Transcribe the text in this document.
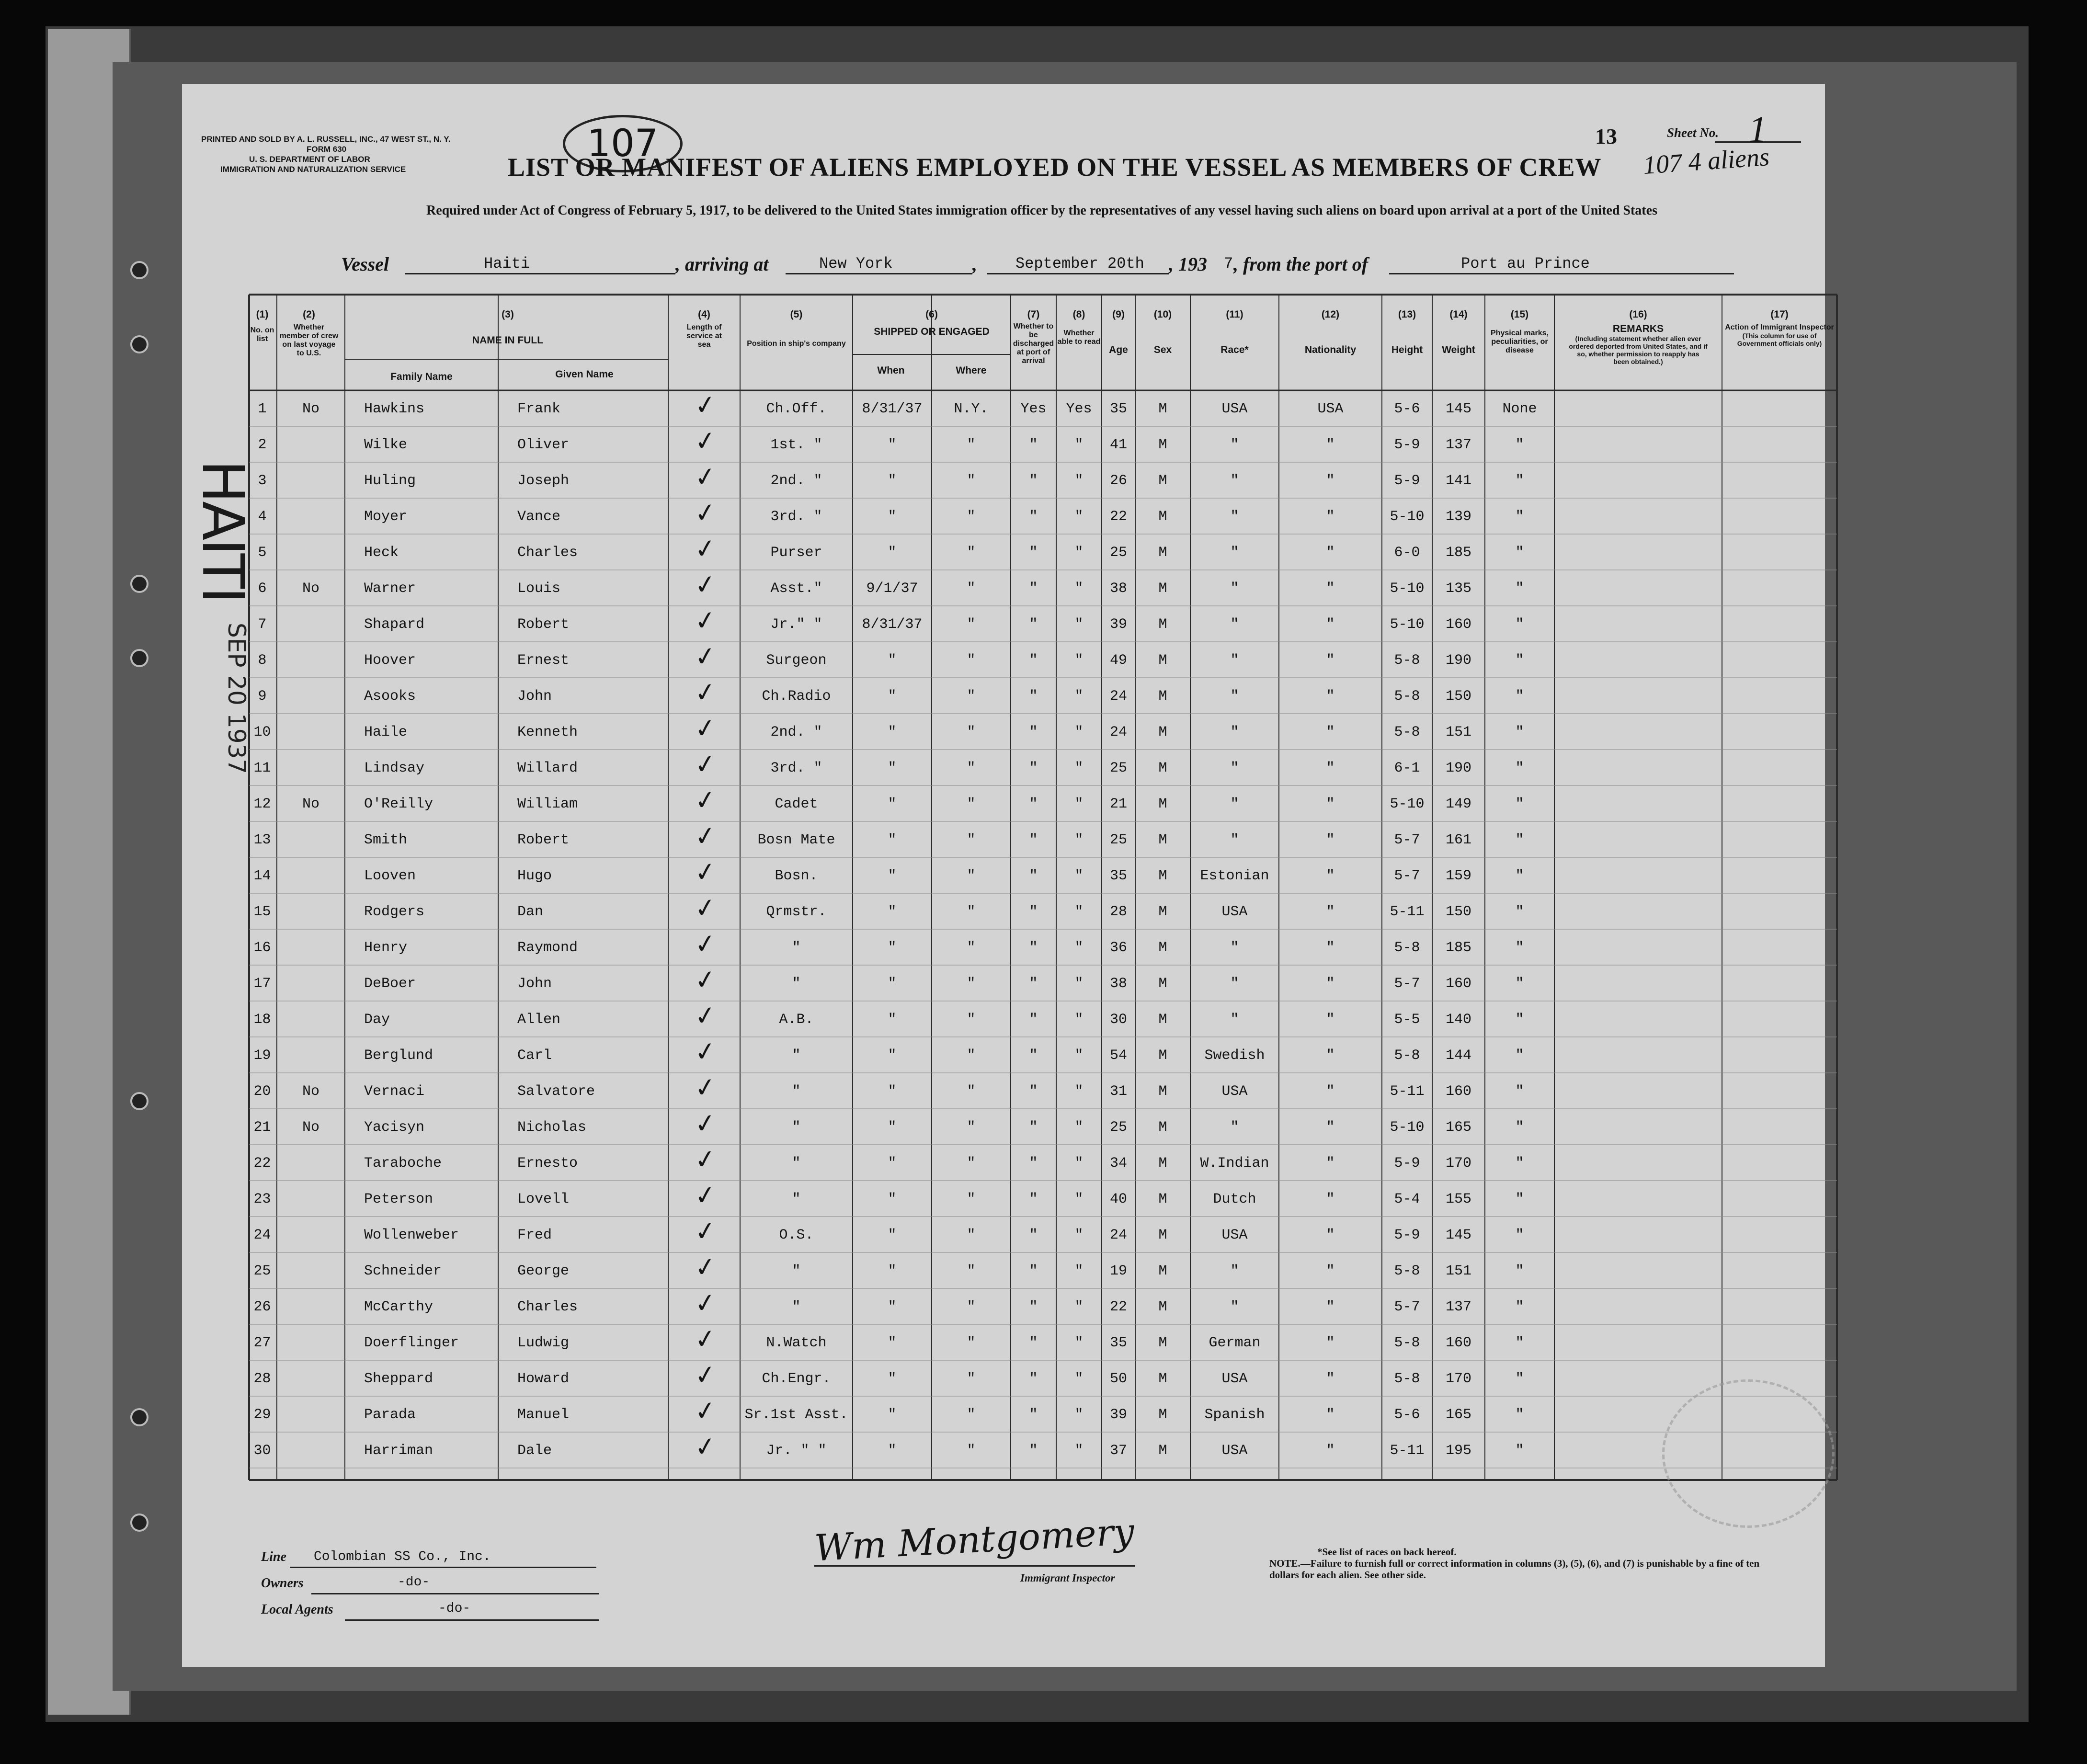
PRINTED AND SOLD BY A. L. RUSSELL, INC., 47 WEST ST., N. Y.
FORM 630
U. S. DEPARTMENT OF LABOR
IMMIGRATION AND NATURALIZATION SERVICE
107	13	Sheet No. 1
107 4 aliens
LIST OR MANIFEST OF ALIENS EMPLOYED ON THE VESSEL AS MEMBERS OF CREW
Required under Act of Congress of February 5, 1917, to be delivered to the United States immigration officer by the representatives of any vessel having such aliens on board upon arrival at a port of the United States
Vessel	Haiti	, arriving at	New York	,	September 20th , 193 7 , from the port of	Port au Prince
(1)
No. on list
(2)
Whether member of crew on last voyage to U.S.
(3)
NAME IN FULL
Family Name	Given Name
(4)
Length of service at sea
(5)
Position in ship's company
(6)
SHIPPED OR ENGAGED
When	Where
(7)
Whether to be discharged at port of arrival
(8)
Whether able to read
(9)
Age
(10)
Sex
(11)
Race*
(12)
Nationality
(13)
Height
(14)
Weight
(15)
Physical marks, peculiarities, or disease
(16)
REMARKS
(Including statement whether alien ever ordered deported from United States, and if so, whether permission to reapply has been obtained.)
(17)
Action of Immigrant Inspector
(This column for use of Government officials only)
1	No	Hawkins	Frank	Ch.Off.	8/31/37	N.Y.	Yes	Yes	35	M	USA	USA	5-6	145	None
✓
2	Wilke	Oliver	1st. "	"	"	"	"	41	M	"	"	5-9	137	"
✓
3	Huling	Joseph	2nd. "	"	"	"	"	26	M	"	"	5-9	141	"
✓
4	Moyer	Vance	3rd. "	"	"	"	"	22	M	"	"	5-10	139	"
✓
5	Heck	Charles	Purser	"	"	"	"	25	M	"	"	6-0	185	"
✓
6	No	Warner	Louis	Asst."	9/1/37	"	"	"	38	M	"	"	5-10	135	"
✓
7	Shapard	Robert	Jr." "	8/31/37	"	"	"	39	M	"	"	5-10	160	"
✓
8	Hoover	Ernest	Surgeon	"	"	"	"	49	M	"	"	5-8	190	"
✓
9	Asooks	John	Ch.Radio	"	"	"	"	24	M	"	"	5-8	150	"
✓
10	Haile	Kenneth	2nd. "	"	"	"	"	24	M	"	"	5-8	151	"
✓
11	Lindsay	Willard	3rd. "	"	"	"	"	25	M	"	"	6-1	190	"
✓
12	No	O'Reilly	William	Cadet	"	"	"	"	21	M	"	"	5-10	149	"
✓
13	Smith	Robert	Bosn Mate	"	"	"	"	25	M	"	"	5-7	161	"
✓
14	Looven	Hugo	Bosn.	"	"	"	"	35	M	Estonian	"	5-7	159	"
✓
15	Rodgers	Dan	Qrmstr.	"	"	"	"	28	M	USA	"	5-11	150	"
✓
16	Henry	Raymond	"	"	"	"	"	36	M	"	"	5-8	185	"
✓
17	DeBoer	John	"	"	"	"	"	38	M	"	"	5-7	160	"
✓
18	Day	Allen	A.B.	"	"	"	"	30	M	"	"	5-5	140	"
✓
19	Berglund	Carl	"	"	"	"	"	54	M	Swedish	"	5-8	144	"
✓
20	No	Vernaci	Salvatore	"	"	"	"	"	31	M	USA	"	5-11	160	"
✓
21	No	Yacisyn	Nicholas	"	"	"	"	"	25	M	"	"	5-10	165	"
✓
22	Taraboche	Ernesto	"	"	"	"	"	34	M	W.Indian	"	5-9	170	"
✓
23	Peterson	Lovell	"	"	"	"	"	40	M	Dutch	"	5-4	155	"
✓
24	Wollenweber	Fred	O.S.	"	"	"	"	24	M	USA	"	5-9	145	"
✓
25	Schneider	George	"	"	"	"	"	19	M	"	"	5-8	151	"
✓
26	McCarthy	Charles	"	"	"	"	"	22	M	"	"	5-7	137	"
✓
27	Doerflinger	Ludwig	N.Watch	"	"	"	"	35	M	German	"	5-8	160	"
✓
28	Sheppard	Howard	Ch.Engr.	"	"	"	"	50	M	USA	"	5-8	170	"
✓
29	Parada	Manuel	Sr.1st Asst.	"	"	"	"	39	M	Spanish	"	5-6	165	"
✓
30	Harriman	Dale	Jr. " "	"	"	"	"	37	M	USA	"	5-11	195	"
✓
HAITI
SEP 20 1937
Line Colombian SS Co., Inc.
Owners	-do-
Local Agents	-do-
Wm Montgomery
Immigrant Inspector
*See list of races on back hereof.
NOTE.—Failure to furnish full or correct information in columns (3), (5), (6), and (7) is punishable by a fine of ten dollars for each alien. See other side.
